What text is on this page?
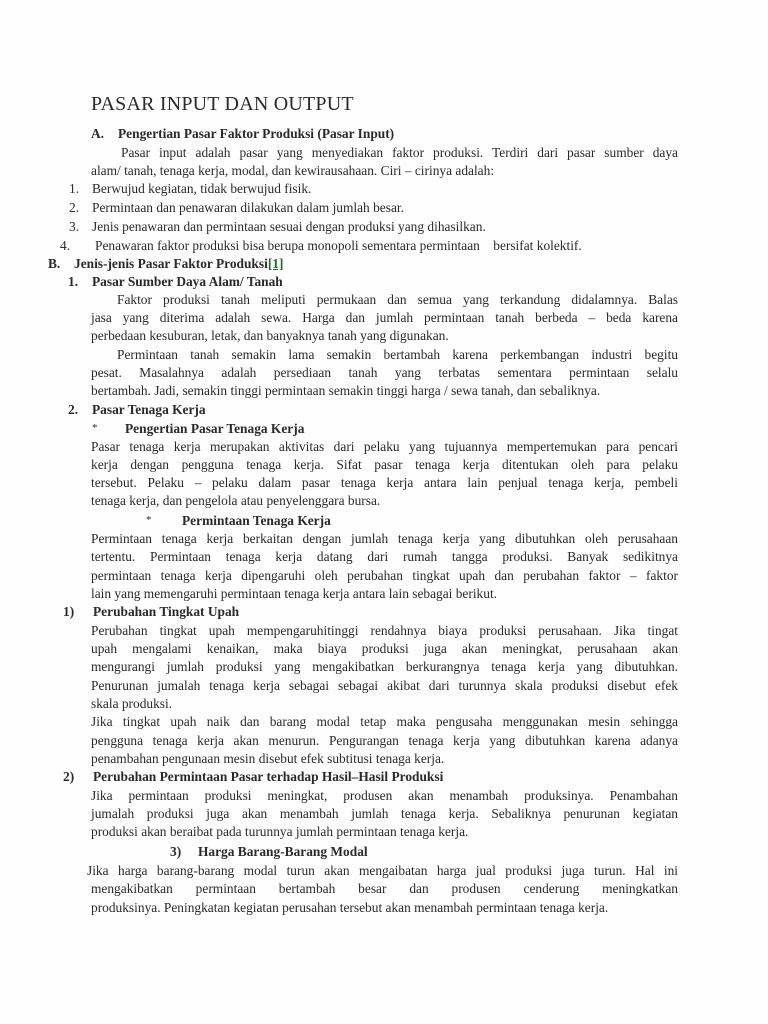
PASAR INPUT DAN OUTPUT
A. Pengertian Pasar Faktor Produksi (Pasar Input)
Pasar input adalah pasar yang menyediakan faktor produksi. Terdiri dari pasar sumber daya
alam/ tanah, tenaga kerja, modal, dan kewirausahaan. Ciri – cirinya adalah:
1. Berwujud kegiatan, tidak berwujud fisik.
2. Permintaan dan penawaran dilakukan dalam jumlah besar.
3. Jenis penawaran dan permintaan sesuai dengan produksi yang dihasilkan.
4. Penawaran faktor produksi bisa berupa monopoli sementara permintaan    bersifat kolektif.
B. Jenis-jenis Pasar Faktor Produksi[1]
1. Pasar Sumber Daya Alam/ Tanah
Faktor produksi tanah meliputi permukaan dan semua yang terkandung didalamnya. Balas
jasa yang diterima adalah sewa. Harga dan jumlah permintaan tanah berbeda – beda karena
perbedaan kesuburan, letak, dan banyaknya tanah yang digunakan.
Permintaan tanah semakin lama semakin bertambah karena perkembangan industri begitu
pesat. Masalahnya adalah persediaan tanah yang terbatas sementara permintaan selalu
bertambah. Jadi, semakin tinggi permintaan semakin tinggi harga / sewa tanah, dan sebaliknya.
2. Pasar Tenaga Kerja
* Pengertian Pasar Tenaga Kerja
Pasar tenaga kerja merupakan aktivitas dari pelaku yang tujuannya mempertemukan para pencari
kerja dengan pengguna tenaga kerja. Sifat pasar tenaga kerja ditentukan oleh para pelaku
tersebut. Pelaku – pelaku dalam pasar tenaga kerja antara lain penjual tenaga kerja, pembeli
tenaga kerja, dan pengelola atau penyelenggara bursa.
* Permintaan Tenaga Kerja
Permintaan tenaga kerja berkaitan dengan jumlah tenaga kerja yang dibutuhkan oleh perusahaan
tertentu. Permintaan tenaga kerja datang dari rumah tangga produksi. Banyak sedikitnya
permintaan tenaga kerja dipengaruhi oleh perubahan tingkat upah dan perubahan faktor – faktor
lain yang memengaruhi permintaan tenaga kerja antara lain sebagai berikut.
1) Perubahan Tingkat Upah
Perubahan tingkat upah mempengaruhitinggi rendahnya biaya produksi perusahaan. Jika tingat
upah mengalami kenaikan, maka biaya produksi juga akan meningkat, perusahaan akan
mengurangi jumlah produksi yang mengakibatkan berkurangnya tenaga kerja yang dibutuhkan.
Penurunan jumalah tenaga kerja sebagai sebagai akibat dari turunnya skala produksi disebut efek
skala produksi.
Jika tingkat upah naik dan barang modal tetap maka pengusaha menggunakan mesin sehingga
pengguna tenaga kerja akan menurun. Pengurangan tenaga kerja yang dibutuhkan karena adanya
penambahan pengunaan mesin disebut efek subtitusi tenaga kerja.
2) Perubahan Permintaan Pasar terhadap Hasil–Hasil Produksi
Jika permintaan produksi meningkat, produsen akan menambah produksinya. Penambahan
jumalah produksi juga akan menambah jumlah tenaga kerja. Sebaliknya penurunan kegiatan
produksi akan beraibat pada turunnya jumlah permintaan tenaga kerja.
3) Harga Barang-Barang Modal
Jika harga barang-barang modal turun akan mengaibatan harga jual produksi juga turun. Hal ini
mengakibatkan permintaan bertambah besar dan produsen cenderung meningkatkan
produksinya. Peningkatan kegiatan perusahan tersebut akan menambah permintaan tenaga kerja.
